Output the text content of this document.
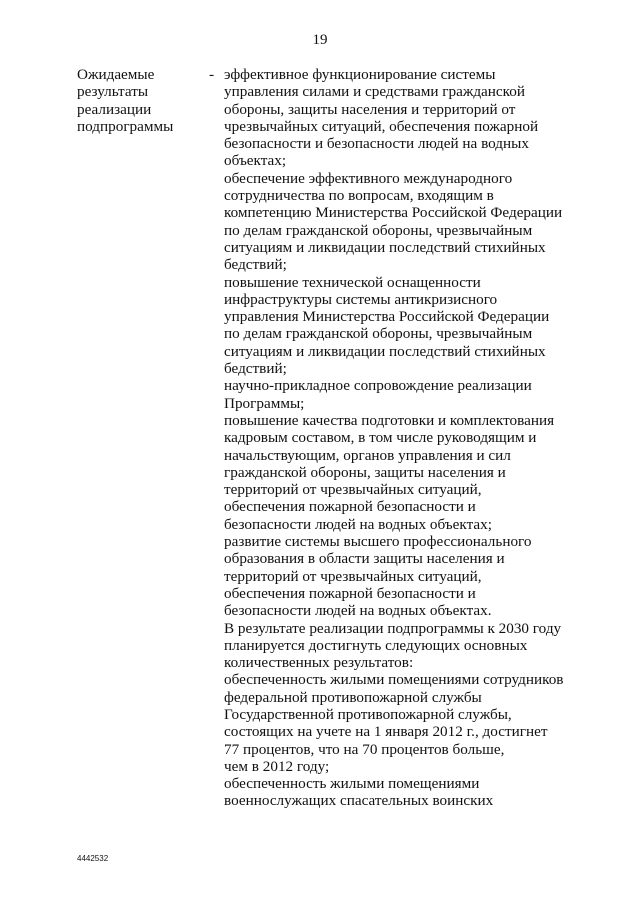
19
Ожидаемые
результаты
реализации
подпрограммы
- эффективное функционирование системы
управления силами и средствами гражданской
обороны, защиты населения и территорий от
чрезвычайных ситуаций, обеспечения пожарной
безопасности и безопасности людей на водных
объектах;
обеспечение эффективного международного
сотрудничества по вопросам, входящим в
компетенцию Министерства Российской Федерации
по делам гражданской обороны, чрезвычайным
ситуациям и ликвидации последствий стихийных
бедствий;
повышение технической оснащенности
инфраструктуры системы антикризисного
управления Министерства Российской Федерации
по делам гражданской обороны, чрезвычайным
ситуациям и ликвидации последствий стихийных
бедствий;
научно-прикладное сопровождение реализации
Программы;
повышение качества подготовки и комплектования
кадровым составом, в том числе руководящим и
начальствующим, органов управления и сил
гражданской обороны, защиты населения и
территорий от чрезвычайных ситуаций,
обеспечения пожарной безопасности и
безопасности людей на водных объектах;
развитие системы высшего профессионального
образования в области защиты населения и
территорий от чрезвычайных ситуаций,
обеспечения пожарной безопасности и
безопасности людей на водных объектах.
В результате реализации подпрограммы к 2030 году
планируется достигнуть следующих основных
количественных результатов:
обеспеченность жилыми помещениями сотрудников
федеральной противопожарной службы
Государственной противопожарной службы,
состоящих на учете на 1 января 2012 г., достигнет
77 процентов, что на 70 процентов больше,
чем в 2012 году;
обеспеченность жилыми помещениями
военнослужащих спасательных воинских
4442532
